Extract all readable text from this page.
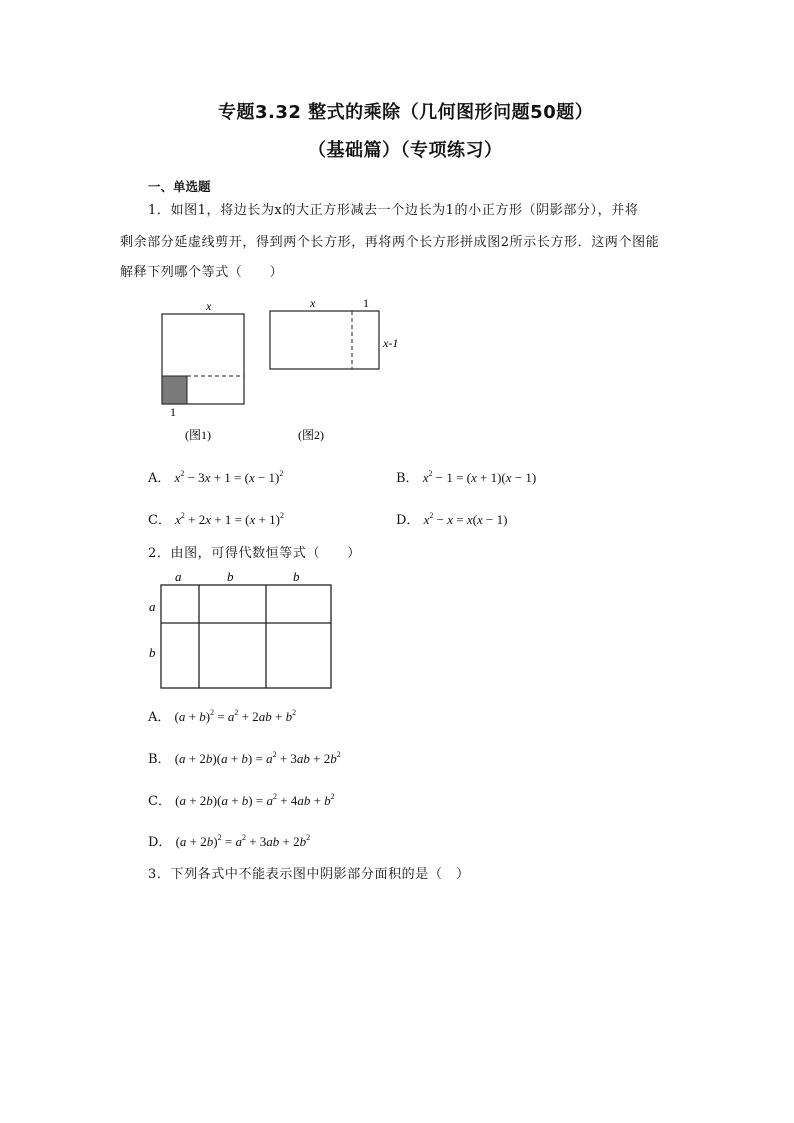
专题3.32 整式的乘除（几何图形问题50题）
（基础篇）（专项练习）
一、单选题
1．如图1，将边长为x的大正方形减去一个边长为1的小正方形（阴影部分），并将
剩余部分延虚线剪开，得到两个长方形，再将两个长方形拼成图2所示长方形．这两个图能
解释下列哪个等式（　　）
x
1
(图1)
x	1
x-1
(图2)
A． $x^2 - 3x + 1 = (x - 1)^2$	B． $x^2 - 1 = (x + 1)(x - 1)$
C． $x^2 + 2x + 1 = (x + 1)^2$	D． $x^2 - x = x(x - 1)$
2．由图，可得代数恒等式（　　）
a	b	b
a
b
A． $(a + b)^2 = a^2 + 2ab + b^2$
B． $(a + 2b)(a + b) = a^2 + 3ab + 2b^2$
C． $(a + 2b)(a + b) = a^2 + 4ab + b^2$
D． $(a + 2b)^2 = a^2 + 3ab + 2b^2$
3．下列各式中不能表示图中阴影部分面积的是（　）
